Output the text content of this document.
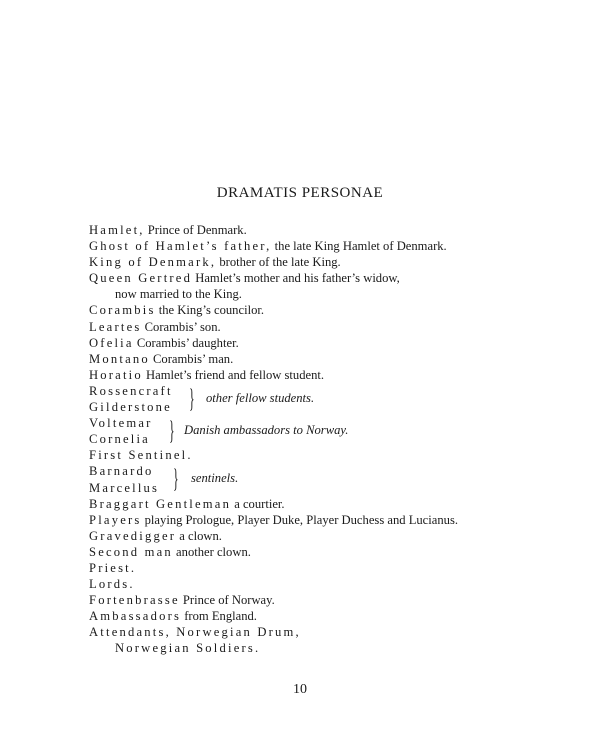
DRAMATIS PERSONAE
Hamlet, Prince of Denmark.
Ghost of Hamlet’s father, the late King Hamlet of Denmark.
King of Denmark, brother of the late King.
Queen Gertred Hamlet’s mother and his father’s widow,
now married to the King.
Corambis the King’s councilor.
Leartes Corambis’ son.
Ofelia Corambis’ daughter.
Montano Corambis’ man.
Horatio Hamlet’s friend and fellow student.
Rossencraft
Gilderstone } other fellow students.
Voltemar
Cornelia } Danish ambassadors to Norway.
First Sentinel.
Barnardo
Marcellus } sentinels.
Braggart Gentleman a courtier.
Players playing Prologue, Player Duke, Player Duchess and Lucianus.
Gravedigger a clown.
Second man another clown.
Priest.
Lords.
Fortenbrasse Prince of Norway.
Ambassadors from England.
Attendants, Norwegian Drum,
Norwegian Soldiers.
10
